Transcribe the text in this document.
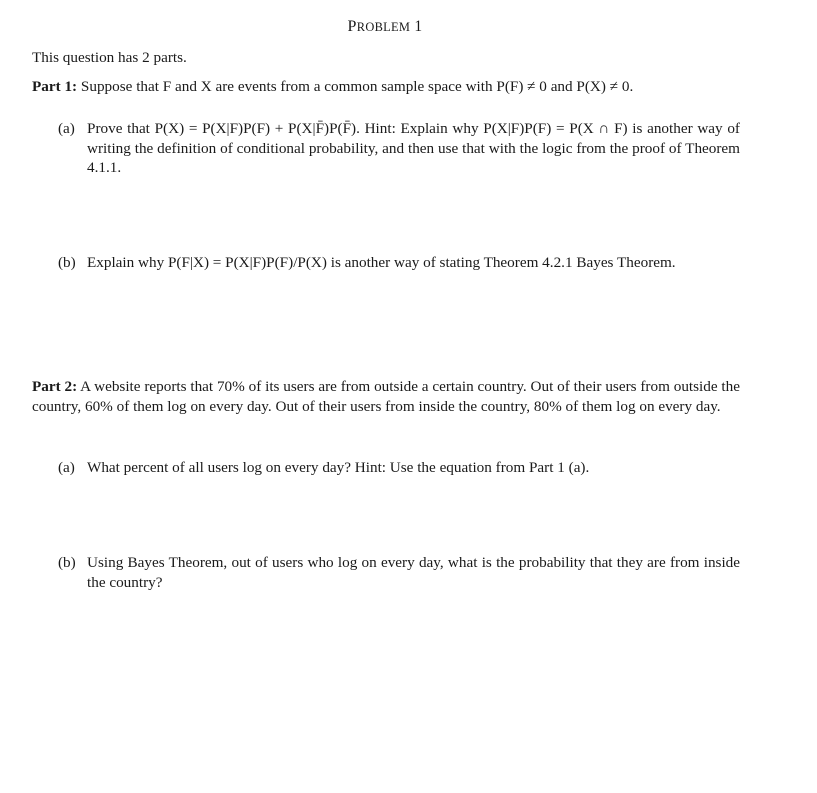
PROBLEM 1
This question has 2 parts.
Part 1: Suppose that F and X are events from a common sample space with P(F) ≠ 0 and P(X) ≠ 0.
(a) Prove that P(X) = P(X|F)P(F) + P(X|F̄)P(F̄). Hint: Explain why P(X|F)P(F) = P(X ∩ F) is another way of writing the definition of conditional probability, and then use that with the logic from the proof of Theorem 4.1.1.
(b) Explain why P(F|X) = P(X|F)P(F)/P(X) is another way of stating Theorem 4.2.1 Bayes Theorem.
Part 2: A website reports that 70% of its users are from outside a certain country. Out of their users from outside the country, 60% of them log on every day. Out of their users from inside the country, 80% of them log on every day.
(a) What percent of all users log on every day? Hint: Use the equation from Part 1 (a).
(b) Using Bayes Theorem, out of users who log on every day, what is the probability that they are from inside the country?
